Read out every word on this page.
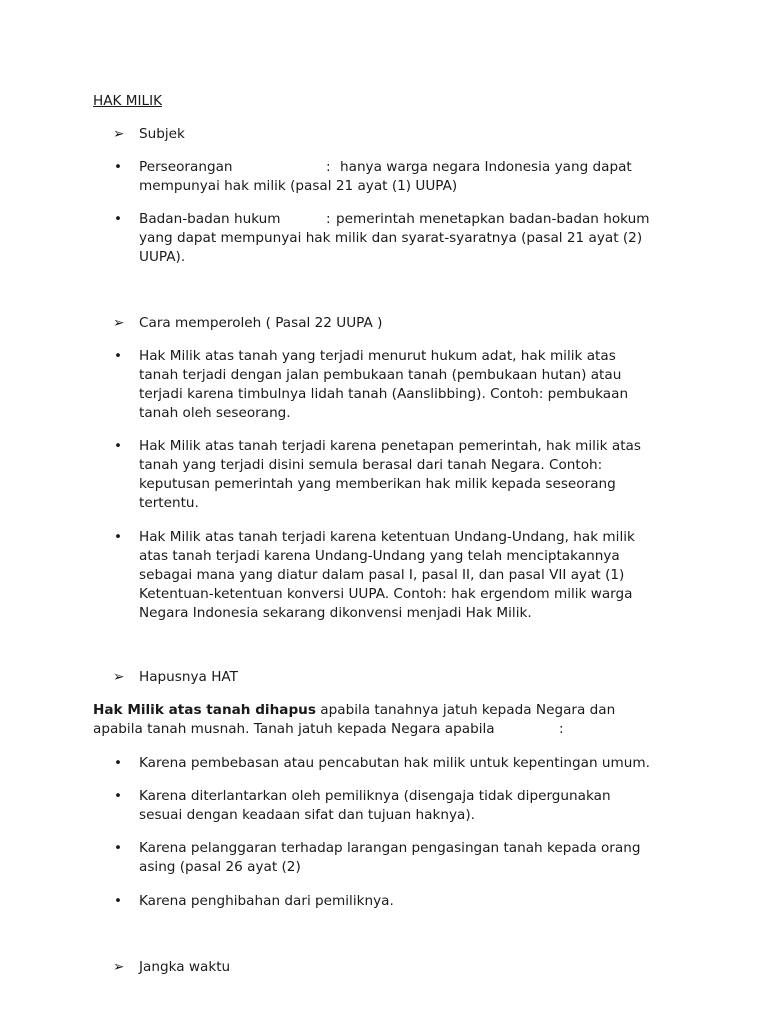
HAK MILIK
➢ Subjek
• Perseorangan	: hanya warga negara Indonesia yang dapat
mempunyai hak milik (pasal 21 ayat (1) UUPA)
• Badan-badan hukum	: pemerintah menetapkan badan-badan hokum
yang dapat mempunyai hak milik dan syarat-syaratnya (pasal 21 ayat (2)
UUPA).
➢ Cara memperoleh ( Pasal 22 UUPA )
• Hak Milik atas tanah yang terjadi menurut hukum adat, hak milik atas
tanah terjadi dengan jalan pembukaan tanah (pembukaan hutan) atau
terjadi karena timbulnya lidah tanah (Aanslibbing). Contoh: pembukaan
tanah oleh seseorang.
• Hak Milik atas tanah terjadi karena penetapan pemerintah, hak milik atas
tanah yang terjadi disini semula berasal dari tanah Negara. Contoh:
keputusan pemerintah yang memberikan hak milik kepada seseorang
tertentu.
• Hak Milik atas tanah terjadi karena ketentuan Undang-Undang, hak milik
atas tanah terjadi karena Undang-Undang yang telah menciptakannya
sebagai mana yang diatur dalam pasal I, pasal II, dan pasal VII ayat (1)
Ketentuan-ketentuan konversi UUPA. Contoh: hak ergendom milik warga
Negara Indonesia sekarang dikonvensi menjadi Hak Milik.
➢ Hapusnya HAT
Hak Milik atas tanah dihapus apabila tanahnya jatuh kepada Negara dan
apabila tanah musnah. Tanah jatuh kepada Negara apabila	:
• Karena pembebasan atau pencabutan hak milik untuk kepentingan umum.
• Karena diterlantarkan oleh pemiliknya (disengaja tidak dipergunakan
sesuai dengan keadaan sifat dan tujuan haknya).
• Karena pelanggaran terhadap larangan pengasingan tanah kepada orang
asing (pasal 26 ayat (2)
• Karena penghibahan dari pemiliknya.
➢ Jangka waktu
